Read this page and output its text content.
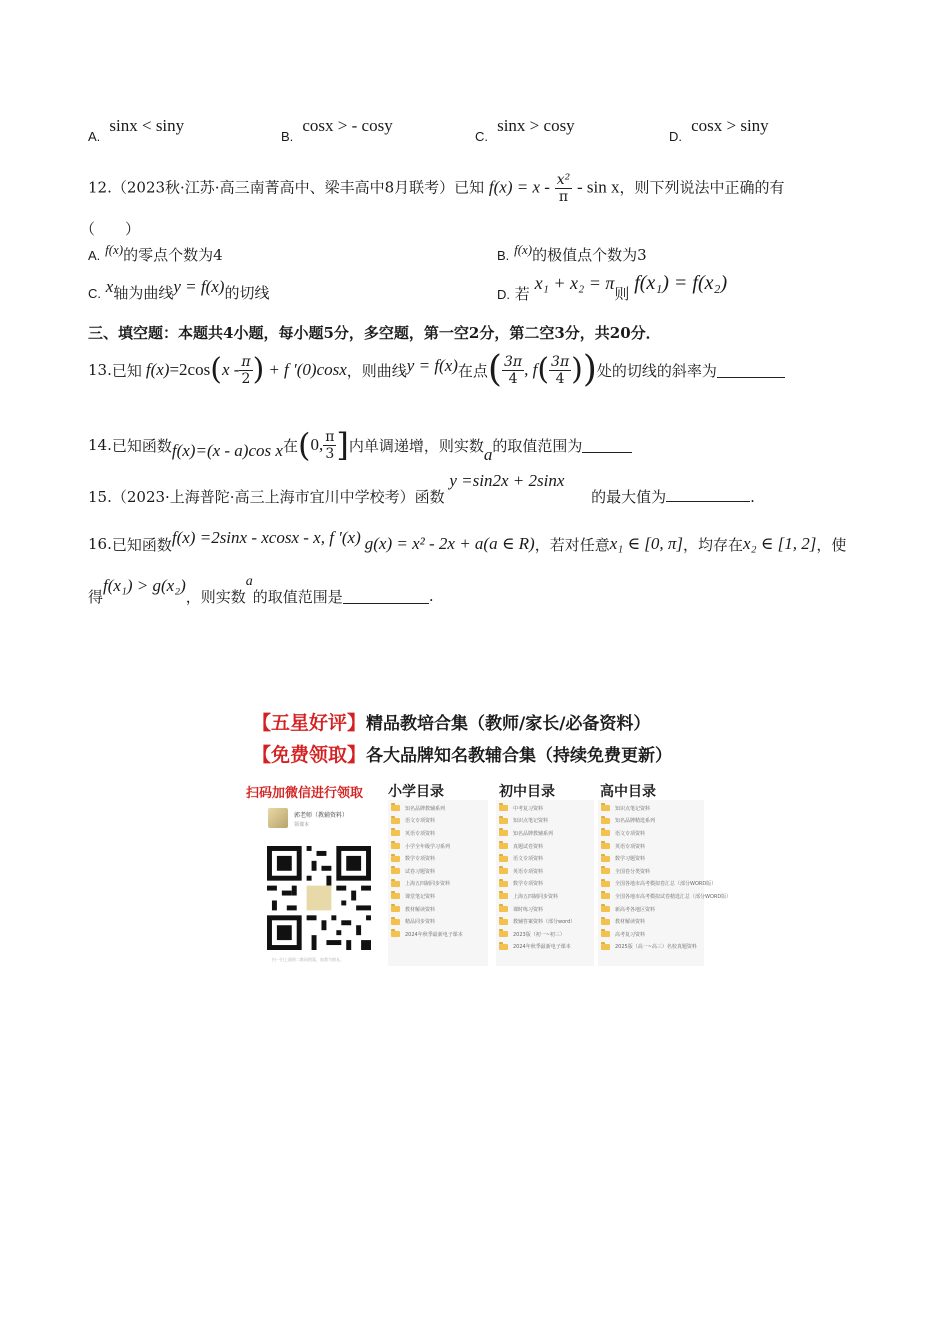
$_{A.}$ sinx < siny
$_{B.}$ cosx > - cosy
$_{C.}$ sinx > cosy
$_{D.}$ cosx > siny
12.（2023秋·江苏·高三南菁高中、梁丰高中8月联考）已知 $f(x) = x - \frac{\text{x²}}{\pi} - \sin x$，则下列说法中正确的有
（　　）
A. f(x)的零点个数为4	B. f(x)的极值点个数为3
C. x轴为曲线y = f(x)的切线	D. 若 x₁ + x₂ = π则 f(x₁) = f(x₂)
三、填空题：本题共4小题，每小题5分，多空题，第一空2分，第二空3分，共20分．
13. 已知 f(x) =2cos ( x - $\frac{\pi}{2}$ ) + f ′(0)cosx ，则曲线 y = f(x) 在点 ( $\frac{3\pi}{4}$ , f ( $\frac{3\pi}{4}$ ) ) 处的切线的斜率为
14. 已知函数 f(x)=(x - a)cos x 在 ( 0, $\frac{\pi}{3}$ ] 内单调递增，则实数 a 的取值范围为
15.（2023·上海普陀·高三上海市宜川中学校考）函数 y =sin2x + 2sinx 的最大值为	.
16. 已知函数 f(x) =2sinx - xcosx - x, f ′(x) g(x) = x² - 2x + a(a ∈ R) ，若对任意 x₁ ∈ [0, π] ，均存在 x₂ ∈ [1, 2] ，使
得
f(x₁) > g(x₂)
，则实数
a
的取值范围是	.
【五星好评】精品教培合集（教师/家长/必备资料）
【免费领取】各大品牌知名教辅合集（持续免费更新）
扫码加微信进行领取 小学目录	初中目录	高中目录
郭老师（教辅资料）
领课本
扫一扫上面的二维码图案，加我为朋友。
知名品牌教辅系列
语文专项资料
英语专项资料
小学全年级学习系列
数学专项资料
试卷习题资料
上海五四制同步资料
课堂笔记资料
教材解读资料
精品同步资料
2024年秋季最新电子课本
中考复习资料
知识点笔记资料
知名品牌教辅系列
真题试卷资料
语文专项资料
英语专项资料
数学专项资料
上海五四制同步资料
课时练习资料
教辅答案资料（部分word）
2023版（初一~初三）
2024年秋季最新电子课本
知识点笔记资料
知名品牌精选系列
语文专项资料
英语专项资料
数学习题资料
全国卷分类资料
全国各地市高考模拟卷汇总（部分WORD版）
全国各地市高考模拟试卷精选汇总（部分WORD版）
新高考各地区资料
教材解读资料
高考复习资料
2025版（高一~高三）名校真题资料
